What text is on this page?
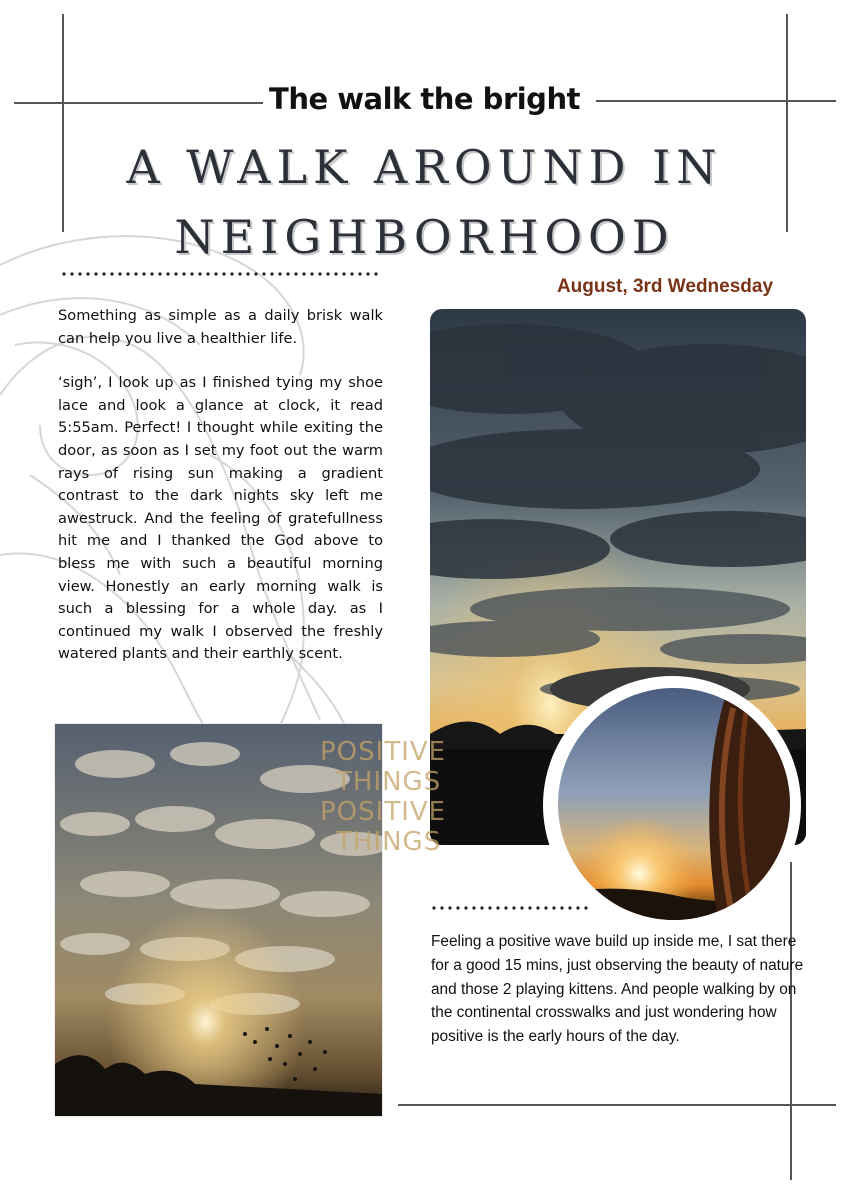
The walk the bright
A WALK AROUND IN
NEIGHBORHOOD
August, 3rd Wednesday

Something as simple as a daily brisk walk can help you live a healthier life.

‘sigh’, I look up as I finished tying my shoe lace and look a glance at clock, it read 5:55am. Perfect! I thought while exiting the door, as soon as I set my foot out the warm rays of rising sun making a gradient contrast to the dark nights sky left me awestruck. And the feeling of gratefullness hit me and I thanked the God above to bless me with such a beautiful morning view. Honestly an early morning walk is such a blessing for a whole day. as I continued my walk I observed the freshly watered plants and their earthly scent.

POSITIVE
THINGS
POSITIVE
THINGS
Feeling a positive wave build up inside me, I sat there for a good 15 mins, just observing the beauty of nature and those 2 playing kittens. And people walking by on the continental crosswalks and just wondering how positive is the early hours of the day.
